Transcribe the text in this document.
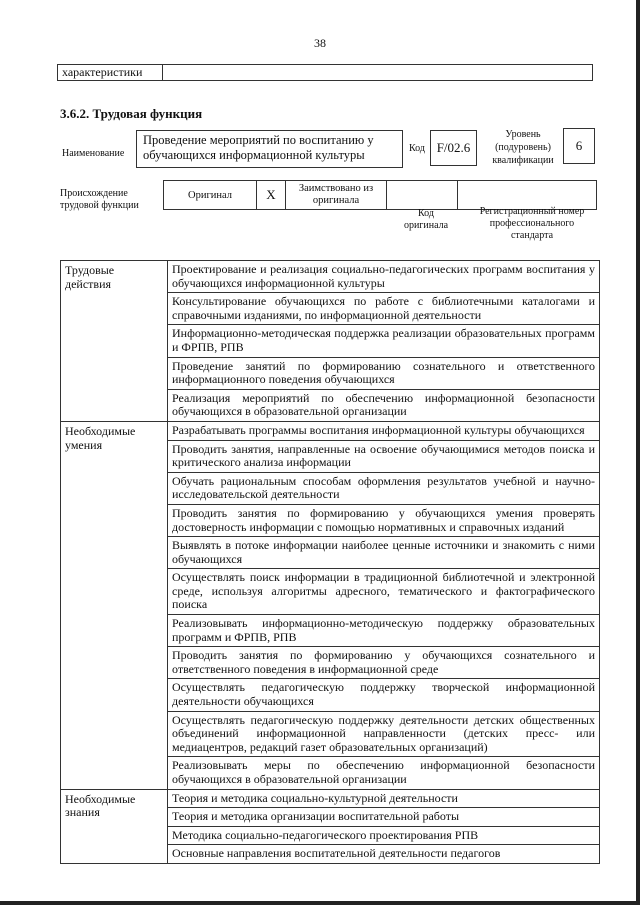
38
характеристики	
3.6.2. Трудовая функция
Наименование
Проведение мероприятий по воспитанию у обучающихся информационной культуры	Код F/02.6
Уровень (подуровень) квалификации
6
Происхождение трудовой функции
Оригинал	X	Заимствовано из оригинала		
Код оригинала
Регистрационный номер профессионального стандарта
Трудовые действия	Проектирование и реализация социально-педагогических программ воспитания у обучающихся информационной культуры
	Консультирование обучающихся по работе с библиотечными каталогами и справочными изданиями, по информационной деятельности
	Информационно-методическая поддержка реализации образовательных программ и ФРПВ, РПВ
	Проведение занятий по формированию сознательного и ответственного информационного поведения обучающихся
	Реализация мероприятий по обеспечению информационной безопасности обучающихся в образовательной организации
Необходимые умения	Разрабатывать программы воспитания информационной культуры обучающихся
	Проводить занятия, направленные на освоение обучающимися методов поиска и критического анализа информации
	Обучать рациональным способам оформления результатов учебной и научно-исследовательской деятельности
	Проводить занятия по формированию у обучающихся умения проверять достоверность информации с помощью нормативных и справочных изданий
	Выявлять в потоке информации наиболее ценные источники и знакомить с ними обучающихся
	Осуществлять поиск информации в традиционной библиотечной и электронной среде, используя алгоритмы адресного, тематического и фактографического поиска
	Реализовывать информационно-методическую поддержку образовательных программ и ФРПВ, РПВ
	Проводить занятия по формированию у обучающихся сознательного и ответственного поведения в информационной среде
	Осуществлять педагогическую поддержку творческой информационной деятельности обучающихся
	Осуществлять педагогическую поддержку деятельности детских общественных объединений информационной направленности (детских пресс- или медиацентров, редакций газет образовательных организаций)
	Реализовывать меры по обеспечению информационной безопасности обучающихся в образовательной организации
Необходимые знания	Теория и методика социально-культурной деятельности
	Теория и методика организации воспитательной работы
	Методика социально-педагогического проектирования РПВ
	Основные направления воспитательной деятельности педагогов
